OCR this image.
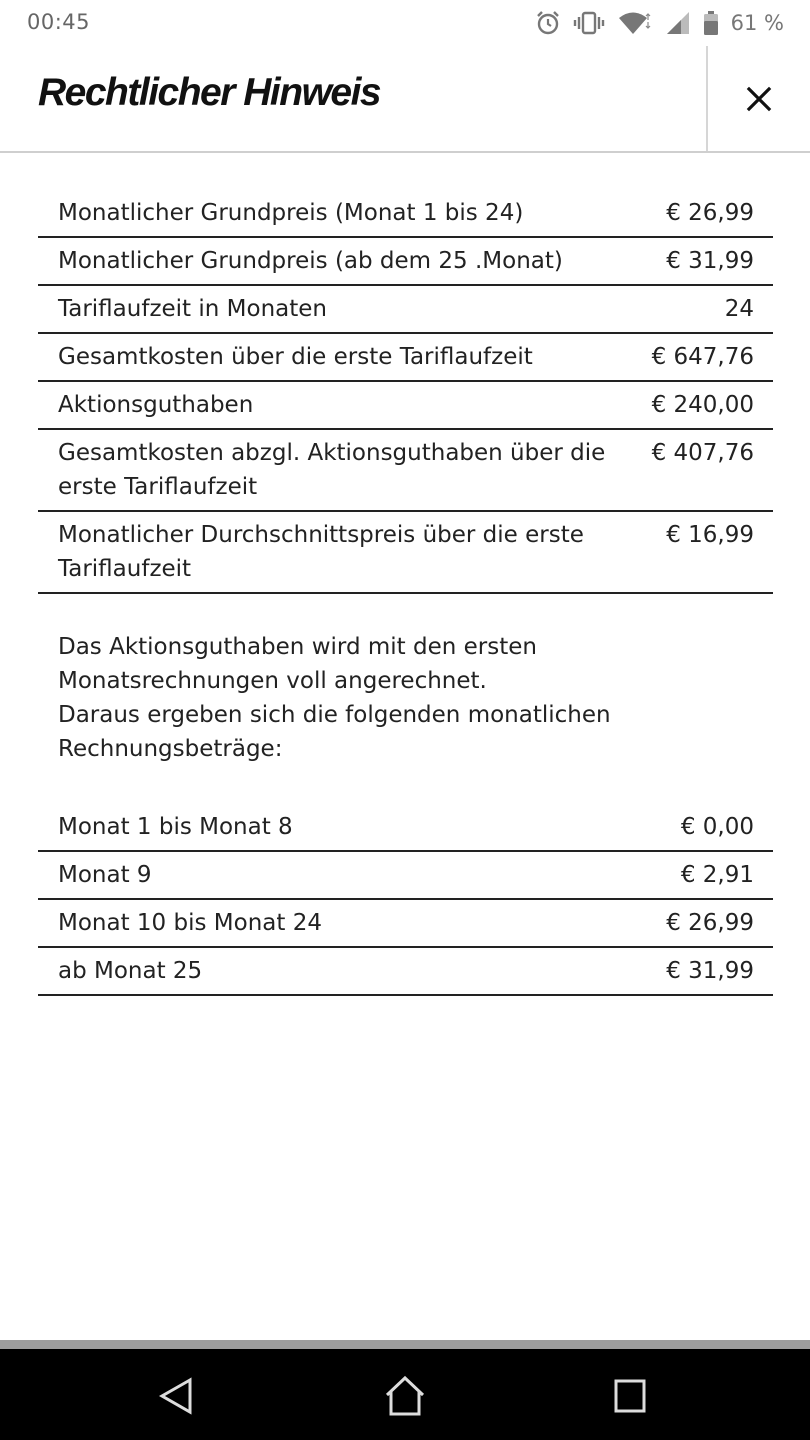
00:45	61 %
Rechtlicher Hinweis
Monatlicher Grundpreis (Monat 1 bis 24)	€ 26,99
Monatlicher Grundpreis (ab dem 25 .Monat)	€ 31,99
Tariflaufzeit in Monaten	24
Gesamtkosten über die erste Tariflaufzeit	€ 647,76
Aktionsguthaben	€ 240,00
Gesamtkosten abzgl. Aktionsguthaben über die erste Tariflaufzeit	€ 407,76
Monatlicher Durchschnittspreis über die erste Tariflaufzeit	€ 16,99

Das Aktionsguthaben wird mit den ersten Monatsrechnungen voll angerechnet.

Daraus ergeben sich die folgenden monatlichen Rechnungsbeträge:

Monat 1 bis Monat 8	€ 0,00
Monat 9	€ 2,91
Monat 10 bis Monat 24	€ 26,99
ab Monat 25	€ 31,99
